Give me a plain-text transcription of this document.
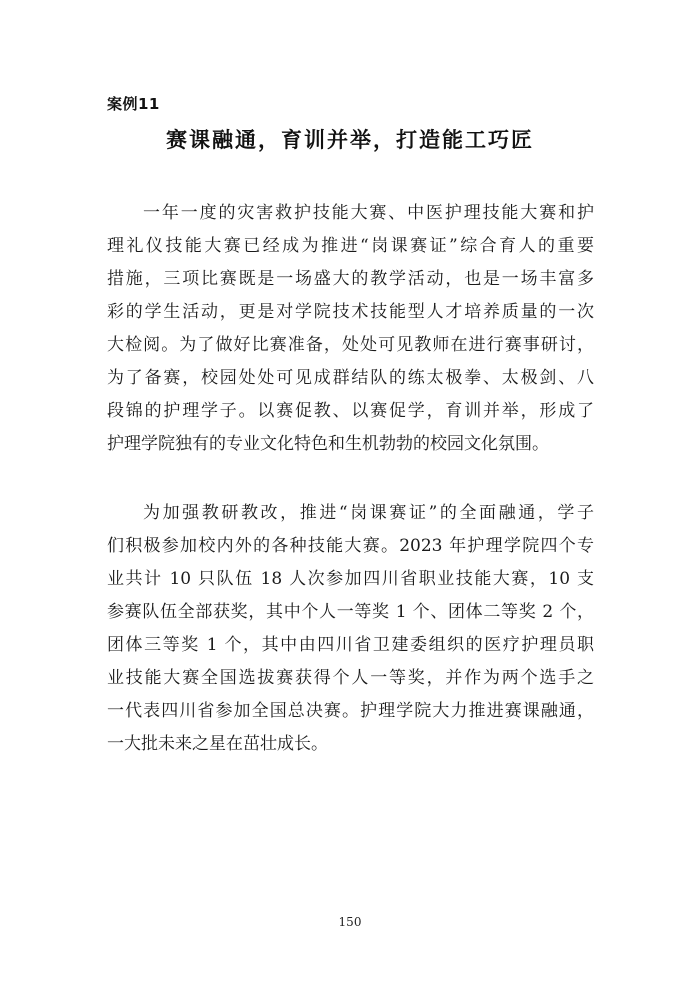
案例11
赛课融通，育训并举，打造能工巧匠
一年一度的灾害救护技能大赛、中医护理技能大赛和护
理礼仪技能大赛已经成为推进“岗课赛证”综合育人的重要
措施，三项比赛既是一场盛大的教学活动，也是一场丰富多
彩的学生活动，更是对学院技术技能型人才培养质量的一次
大检阅。为了做好比赛准备，处处可见教师在进行赛事研讨，
为了备赛，校园处处可见成群结队的练太极拳、太极剑、八
段锦的护理学子。以赛促教、以赛促学，育训并举，形成了
护理学院独有的专业文化特色和生机勃勃的校园文化氛围。
为加强教研教改，推进“岗课赛证”的全面融通，学子
们积极参加校内外的各种技能大赛。2023 年护理学院四个专
业共计 10 只队伍 18 人次参加四川省职业技能大赛，10 支
参赛队伍全部获奖，其中个人一等奖 1 个、团体二等奖 2 个，
团体三等奖 1 个，其中由四川省卫建委组织的医疗护理员职
业技能大赛全国选拔赛获得个人一等奖，并作为两个选手之
一代表四川省参加全国总决赛。护理学院大力推进赛课融通，
一大批未来之星在茁壮成长。
150
